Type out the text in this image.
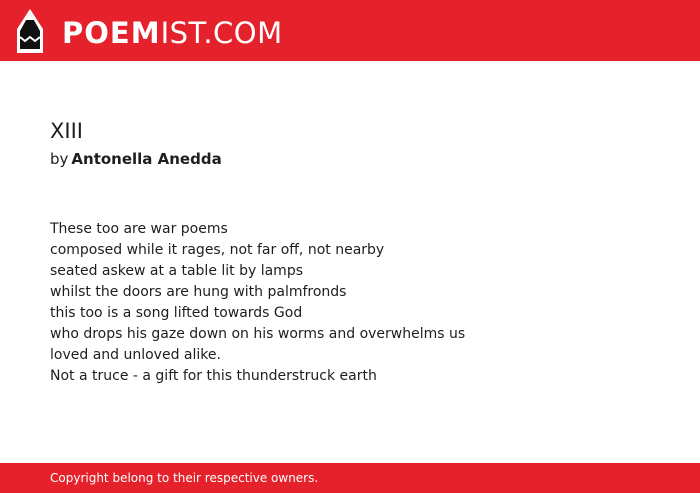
POEMIST.COM
XIII
by Antonella Anedda
These too are war poems
composed while it rages, not far off, not nearby
seated askew at a table lit by lamps
whilst the doors are hung with palmfronds
this too is a song lifted towards God
who drops his gaze down on his worms and overwhelms us
loved and unloved alike.
Not a truce - a gift for this thunderstruck earth
Copyright belong to their respective owners.
